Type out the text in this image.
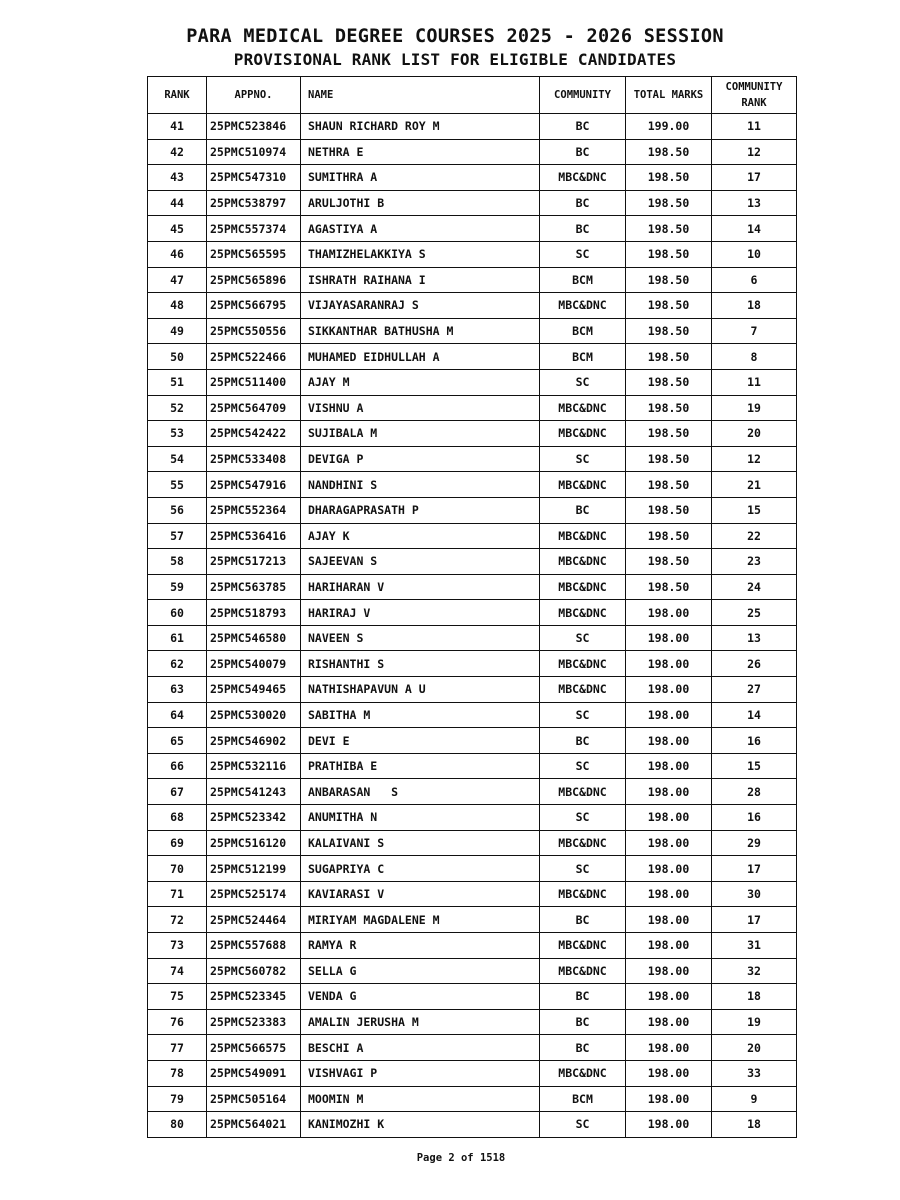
PARA MEDICAL DEGREE COURSES 2025 - 2026 SESSION
PROVISIONAL RANK LIST FOR ELIGIBLE CANDIDATES
RANK	APPNO.	NAME	COMMUNITY	TOTAL MARKS	COMMUNITY RANK
41	25PMC523846	SHAUN RICHARD ROY M	BC	199.00	11
42	25PMC510974	NETHRA E	BC	198.50	12
43	25PMC547310	SUMITHRA A	MBC&DNC	198.50	17
44	25PMC538797	ARULJOTHI B	BC	198.50	13
45	25PMC557374	AGASTIYA A	BC	198.50	14
46	25PMC565595	THAMIZHELAKKIYA S	SC	198.50	10
47	25PMC565896	ISHRATH RAIHANA I	BCM	198.50	6
48	25PMC566795	VIJAYASARANRAJ S	MBC&DNC	198.50	18
49	25PMC550556	SIKKANTHAR BATHUSHA M	BCM	198.50	7
50	25PMC522466	MUHAMED EIDHULLAH A	BCM	198.50	8
51	25PMC511400	AJAY M	SC	198.50	11
52	25PMC564709	VISHNU A	MBC&DNC	198.50	19
53	25PMC542422	SUJIBALA M	MBC&DNC	198.50	20
54	25PMC533408	DEVIGA P	SC	198.50	12
55	25PMC547916	NANDHINI S	MBC&DNC	198.50	21
56	25PMC552364	DHARAGAPRASATH P	BC	198.50	15
57	25PMC536416	AJAY K	MBC&DNC	198.50	22
58	25PMC517213	SAJEEVAN S	MBC&DNC	198.50	23
59	25PMC563785	HARIHARAN V	MBC&DNC	198.50	24
60	25PMC518793	HARIRAJ V	MBC&DNC	198.00	25
61	25PMC546580	NAVEEN S	SC	198.00	13
62	25PMC540079	RISHANTHI S	MBC&DNC	198.00	26
63	25PMC549465	NATHISHAPAVUN A U	MBC&DNC	198.00	27
64	25PMC530020	SABITHA M	SC	198.00	14
65	25PMC546902	DEVI E	BC	198.00	16
66	25PMC532116	PRATHIBA E	SC	198.00	15
67	25PMC541243	ANBARASAN   S	MBC&DNC	198.00	28
68	25PMC523342	ANUMITHA N	SC	198.00	16
69	25PMC516120	KALAIVANI S	MBC&DNC	198.00	29
70	25PMC512199	SUGAPRIYA C	SC	198.00	17
71	25PMC525174	KAVIARASI V	MBC&DNC	198.00	30
72	25PMC524464	MIRIYAM MAGDALENE M	BC	198.00	17
73	25PMC557688	RAMYA R	MBC&DNC	198.00	31
74	25PMC560782	SELLA G	MBC&DNC	198.00	32
75	25PMC523345	VENDA G	BC	198.00	18
76	25PMC523383	AMALIN JERUSHA M	BC	198.00	19
77	25PMC566575	BESCHI A	BC	198.00	20
78	25PMC549091	VISHVAGI P	MBC&DNC	198.00	33
79	25PMC505164	MOOMIN M	BCM	198.00	9
80	25PMC564021	KANIMOZHI K	SC	198.00	18
Page 2 of 1518
